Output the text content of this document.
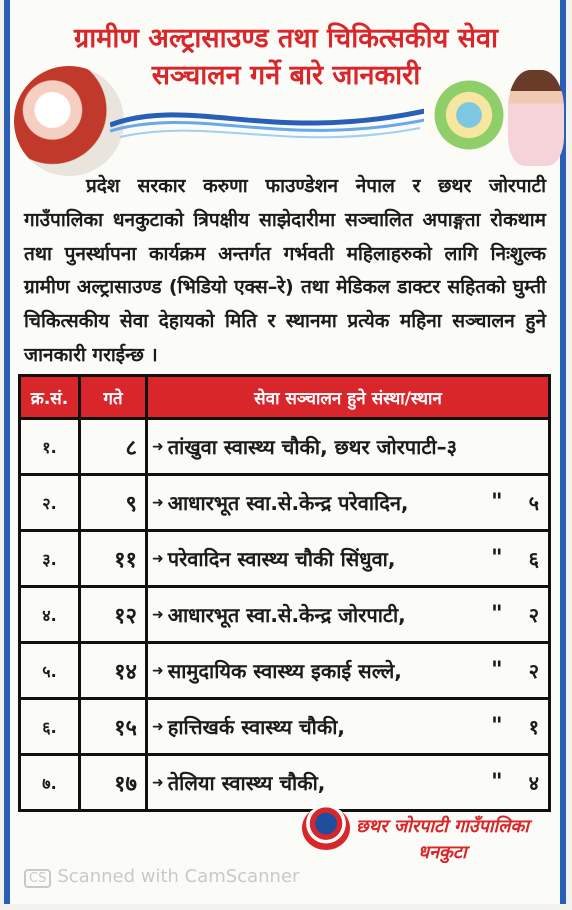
ग्रामीण अल्ट्रासाउण्ड तथा चिकित्सकीय सेवा
सञ्चालन गर्ने बारे जानकारी
प्रदेश सरकार करुणा फाउण्डेशन नेपाल र छथर जोरपाटी गाउँपालिका धनकुटाको त्रिपक्षीय साझेदारीमा सञ्चालित अपाङ्गता रोकथाम तथा पुनर्स्थापना कार्यक्रम अन्तर्गत गर्भवती महिलाहरुको लागि निःशुल्क ग्रामीण अल्ट्रासाउण्ड (भिडियो एक्स–रे) तथा मेडिकल डाक्टर सहितको घुम्ती चिकित्सकीय सेवा देहायको मिति र स्थानमा प्रत्येक महिना सञ्चालन हुने जानकारी गराईन्छ ।
क्र.सं.	गते	सेवा सञ्चालन हुने संस्था/स्थान
१.	८	➜ तांखुवा स्वास्थ्य चौकी, छथर जोरपाटी–३

२.	९	➜ आधारभूत स्वा.से.केन्द्र परेवादिन, " ५

३.	११	➜ परेवादिन स्वास्थ्य चौकी सिंधुवा, " ६

४.	१२	➜ आधारभूत स्वा.से.केन्द्र जोरपाटी, " २

५.	१४	➜ सामुदायिक स्वास्थ्य इकाई सल्ले, " २

६.	१५	➜ हात्तिखर्क स्वास्थ्य चौकी, " १

७.	१७	➜ तेलिया स्वास्थ्य चौकी, " ४
छथर जोरपाटी गाउँपालिका
धनकुटा
CS Scanned with CamScanner
